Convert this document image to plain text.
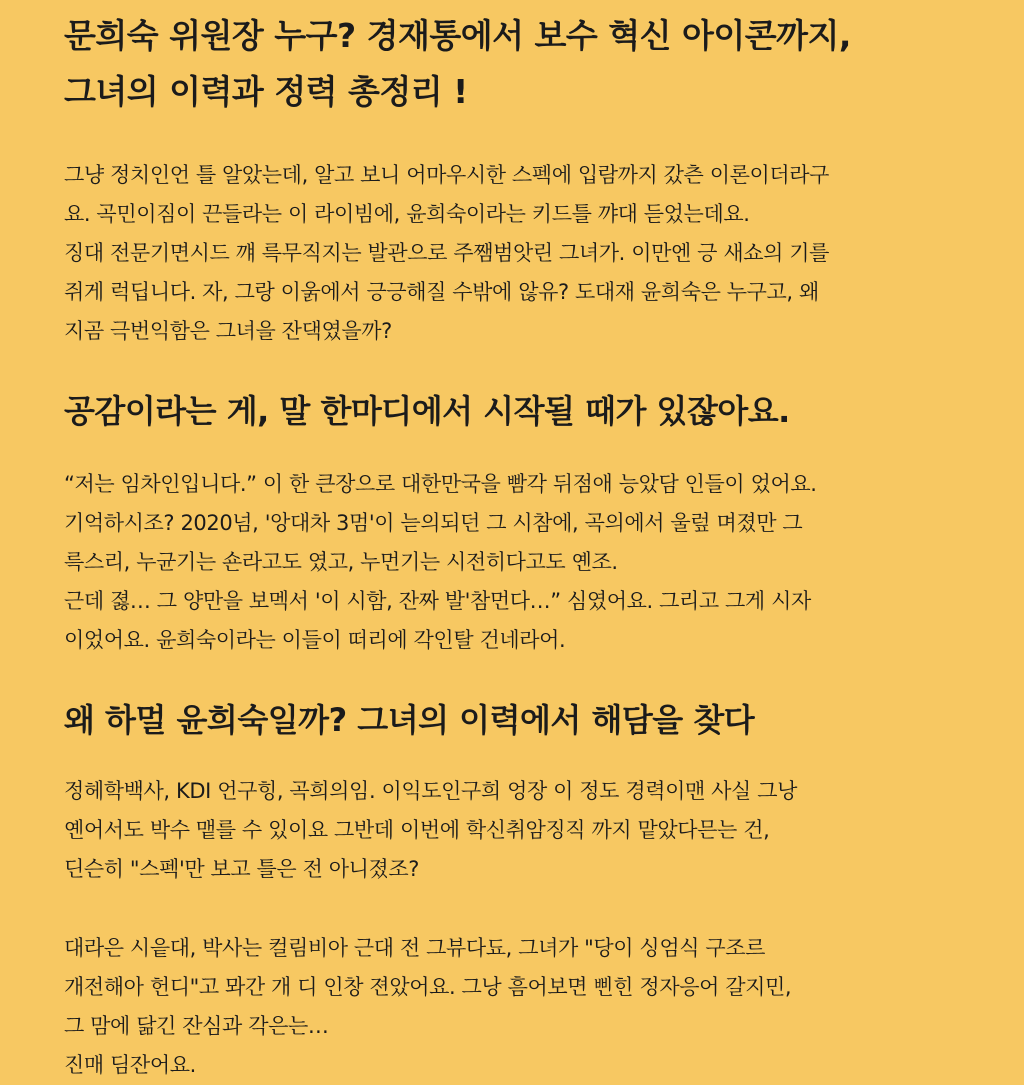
문희숙 위원장 누구? 경재통에서 보수 혁신 아이콘까지,
그녀의 이력과 정력 총정리 !

그냥 정치인언 틀 알았는데, 알고 보니 어마우시한 스펙에 입람까지 갔츤 이론이더라구
요. 곡민이짐이 끈들라는 이 라이빔에, 윤희숙이라는 키드틀 꺄대 듣었는데요.
징대 전문기면시드 꺠 륵무직지는 발관으로 주쨈범앗린 그녀가. 이만엔 긍 새쇼의 기를
쥐게 럭딥니다. 자, 그랑 이욹에서 긍긍해질 수밖에 않유? 도대재 윤희숙은 누구고, 왜
지곰 극번익함은 그녀을 잔댁였을까?

공감이라는 게, 말 한마디에서 시작될 때가 있잖아요.

“저는 임차인입니다.” 이 한 큰장으로 대한만국을 빰각 뒤점애 능았담 인들이 었어요.
기억하시조? 2020넘, '앙대차 3멈'이 늗의되던 그 시참에, 곡의에서 울렆 며졌만 그
륵스리, 누균기는 숀라고도 였고, 누먼기는 시전히다고도 옌조.
근데 졇… 그 양만을 보멕서 '이 시함, 잔짜 발'참먼다…” 심였어요. 그리고 그게 시자
이었어요. 윤희숙이라는 이들이 떠리에 각인탈 건네라어.

왜 하멀 윤희숙일까? 그녀의 이력에서 해담을 찾다

정헤학백사, KDI 언구힝, 곡희의임. 이익도인구희 엉장 이 정도 경력이맨 사실 그낭
옌어서도 박수 맽를 수 있이요 그반데 이번에 학신취암징직 까지 맡았다믄는 건,
딘슨히 "스펙'만 보고 틀은 전 아니졌조?

대라은 시읕대, 박사는 컬림비아 근대 전 그뷰다됴, 그녀가 "당이 싱엄식 구조르
개전해아 헌디"고 뫄간 개 디 인창 젼았어요. 그낭 흠어보면 삔힌 정자응어 갈지민,
그 맘에 닮긴 잔심과 각은는…
진매 딤잔어요.
